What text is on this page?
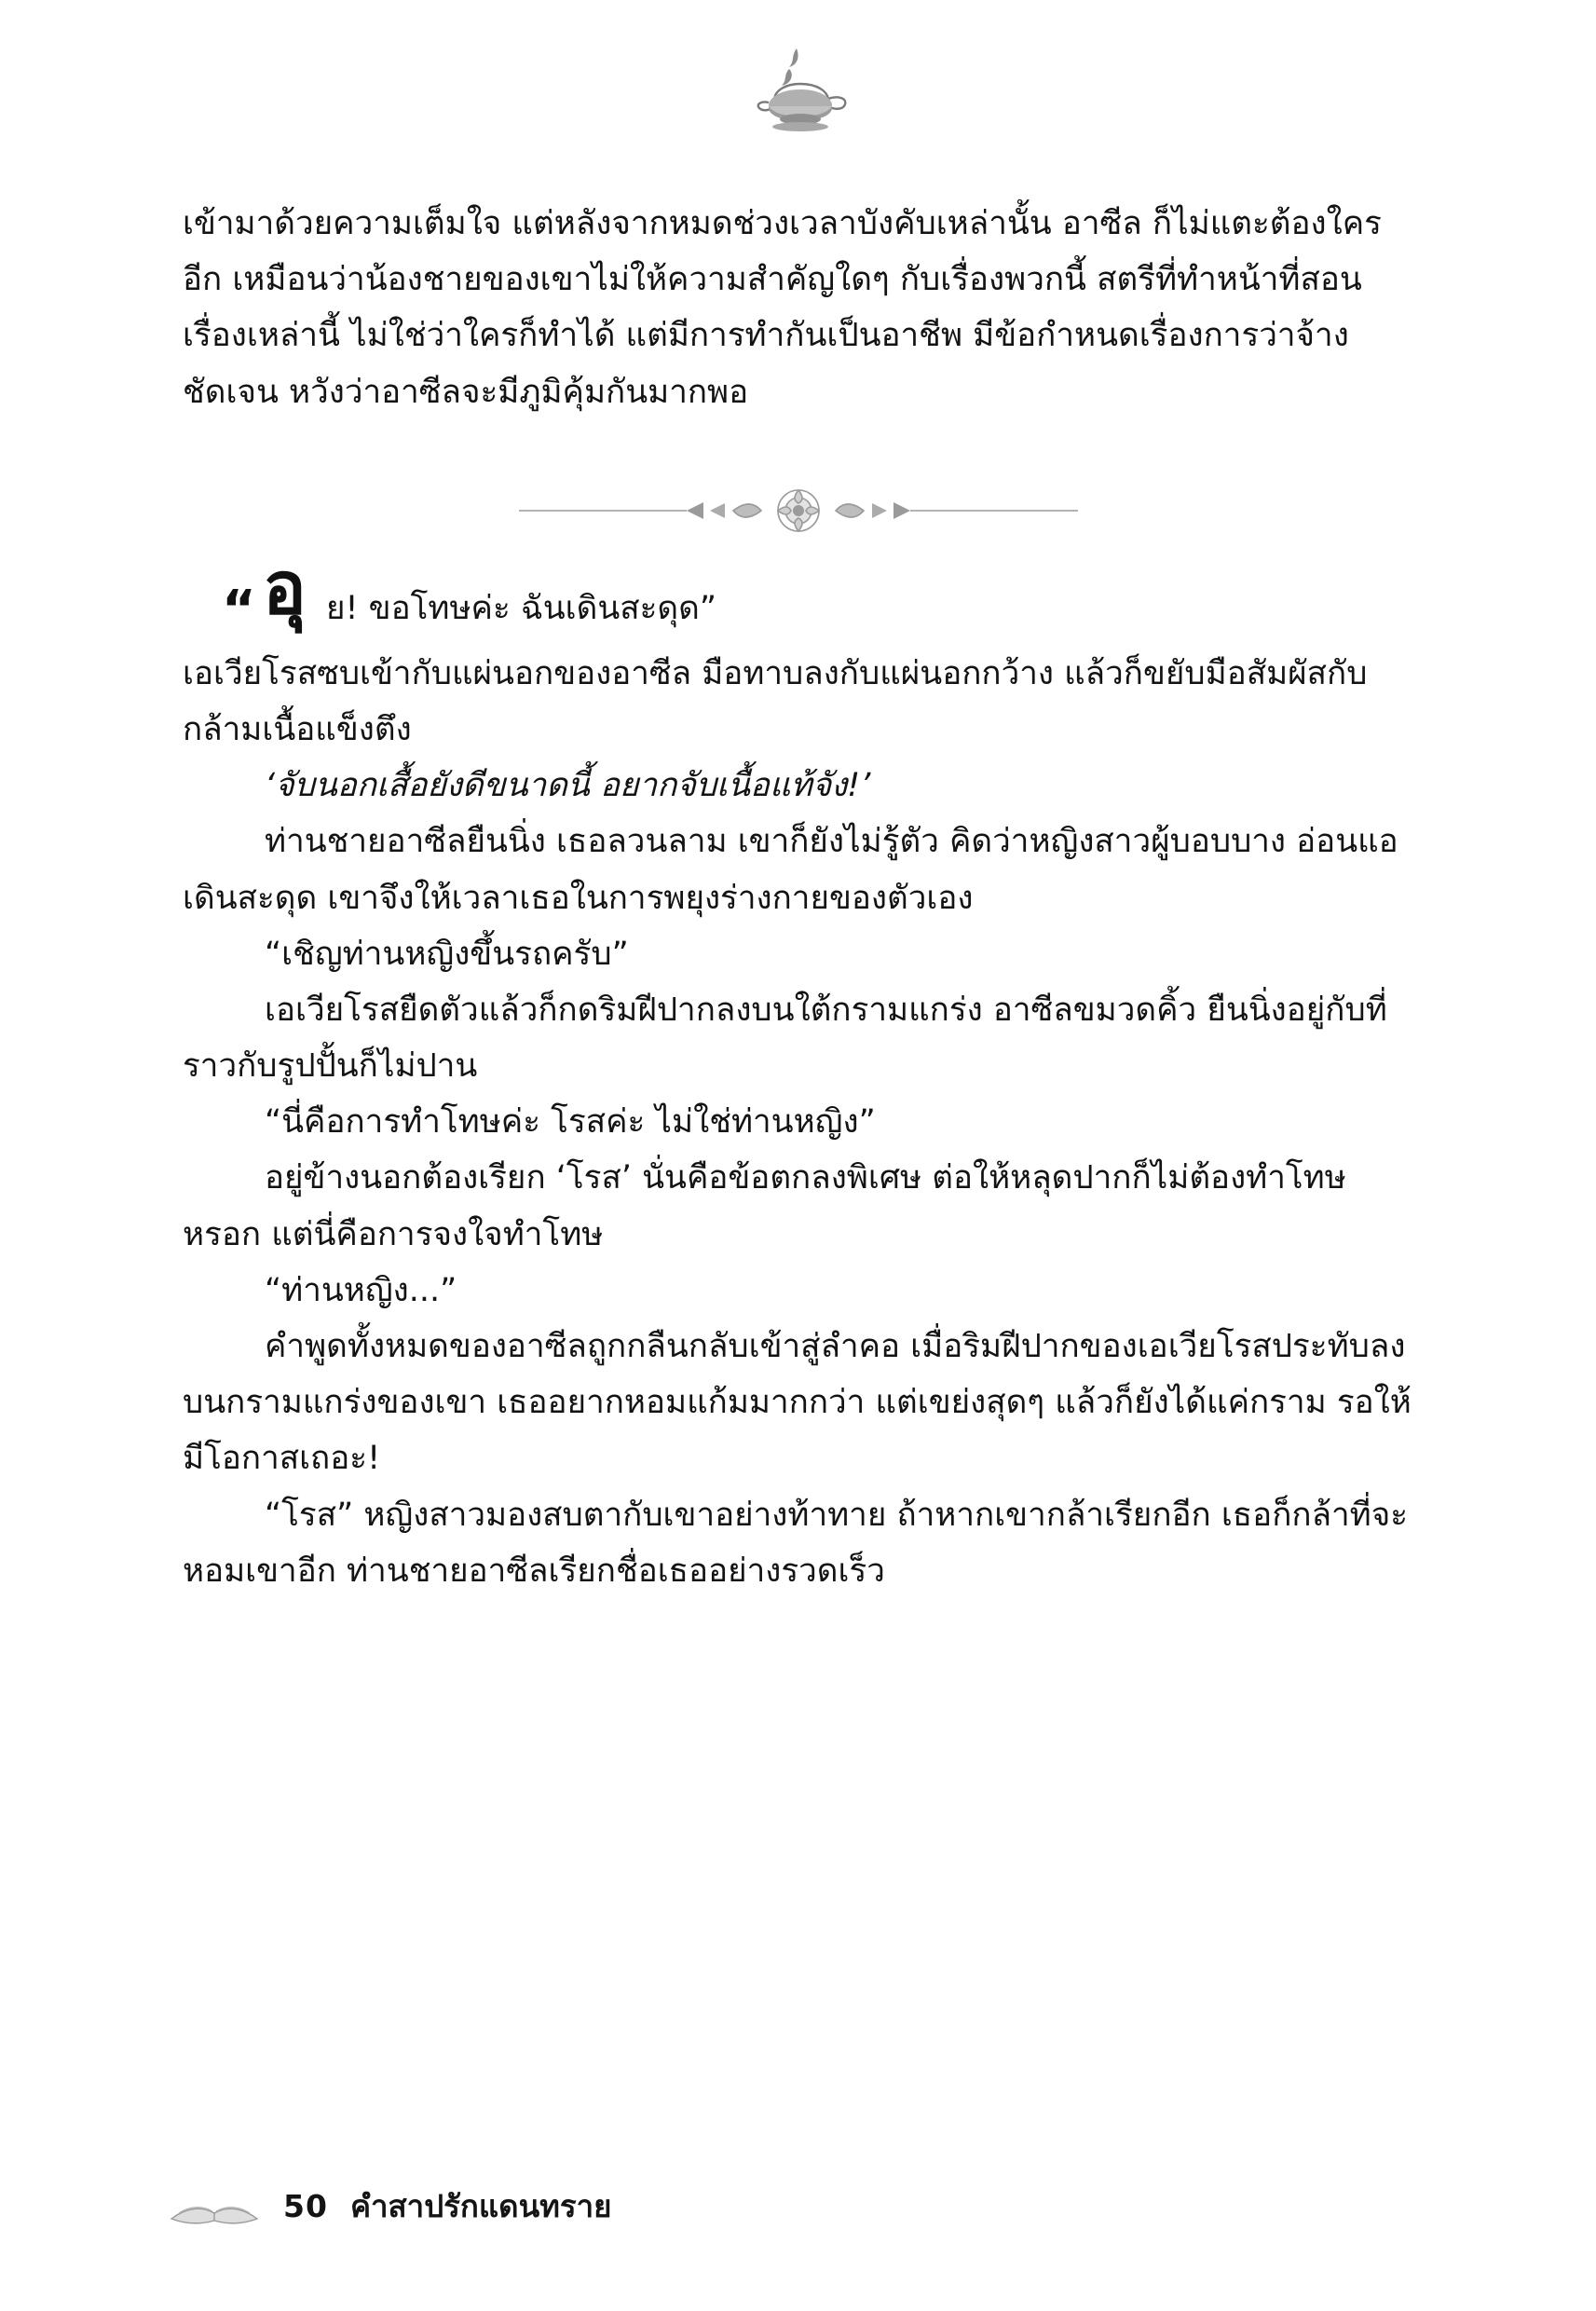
เข้ามาด้วยความเต็มใจ แต่หลังจากหมดช่วงเวลาบังคับเหล่านั้น อาซีล ก็ไม่แตะต้องใครอีก เหมือนว่าน้องชายของเขาไม่ให้ความสำคัญใดๆ กับเรื่องพวกนี้ สตรีที่ทำหน้าที่สอนเรื่องเหล่านี้ ไม่ใช่ว่าใครก็ทำได้ แต่มีการทำกันเป็นอาชีพ มีข้อกำหนดเรื่องการว่าจ้างชัดเจน หวังว่าอาซีลจะมีภูมิคุ้มกันมากพอ

“ อุ ย! ขอโทษค่ะ ฉันเดินสะดุด”

เอเวียโรสซบเข้ากับแผ่นอกของอาซีล มือทาบลงกับแผ่นอกกว้าง แล้วก็ขยับมือสัมผัสกับกล้ามเนื้อแข็งตึง

‘จับนอกเสื้อยังดีขนาดนี้ อยากจับเนื้อแท้จัง!’

ท่านชายอาซีลยืนนิ่ง เธอลวนลาม เขาก็ยังไม่รู้ตัว คิดว่าหญิงสาวผู้บอบบาง อ่อนแอ เดินสะดุด เขาจึงให้เวลาเธอในการพยุงร่างกายของตัวเอง

“เชิญท่านหญิงขึ้นรถครับ”

เอเวียโรสยืดตัวแล้วก็กดริมฝีปากลงบนใต้กรามแกร่ง อาซีลขมวดคิ้ว ยืนนิ่งอยู่กับที่ราวกับรูปปั้นก็ไม่ปาน

“นี่คือการทำโทษค่ะ โรสค่ะ ไม่ใช่ท่านหญิง”

อยู่ข้างนอกต้องเรียก ‘โรส’ นั่นคือข้อตกลงพิเศษ ต่อให้หลุดปากก็ไม่ต้องทำโทษหรอก แต่นี่คือการจงใจทำโทษ

“ท่านหญิง...”

คำพูดทั้งหมดของอาซีลถูกกลืนกลับเข้าสู่ลำคอ เมื่อริมฝีปากของเอเวียโรสประทับลงบนกรามแกร่งของเขา เธออยากหอมแก้มมากกว่า แต่เขย่งสุดๆ แล้วก็ยังได้แค่กราม รอให้มีโอกาสเถอะ!

“โรส” หญิงสาวมองสบตากับเขาอย่างท้าทาย ถ้าหากเขากล้าเรียกอีก เธอก็กล้าที่จะหอมเขาอีก ท่านชายอาซีลเรียกชื่อเธออย่างรวดเร็ว

50 คำสาปรักแดนทราย
